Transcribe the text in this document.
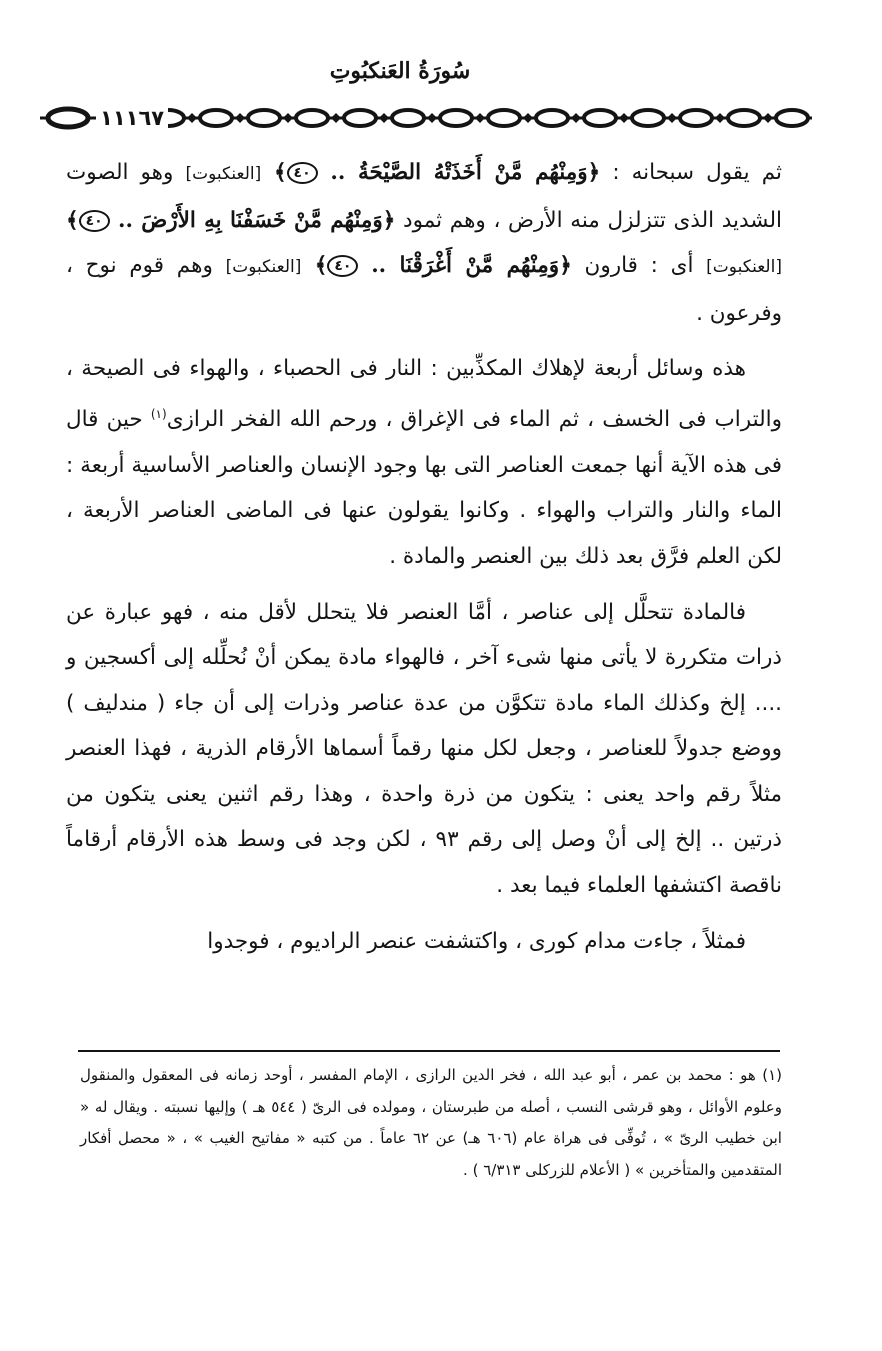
سُورَةُ العَنكبُوتِ
١١١٦٧

ثم يقول سبحانه : ﴿وَمِنْهُم مَّنْ أَخَذَتْهُ الصَّيْحَةُ .. ٤٠﴾ [العنكبوت] وهو الصوت الشديد الذى تتزلزل منه الأرض ، وهم ثمود ﴿وَمِنْهُم مَّنْ خَسَفْنَا بِهِ الأَرْضَ .. ٤٠﴾ [العنكبوت] أى : قارون ﴿وَمِنْهُم مَّنْ أَغْرَقْنَا .. ٤٠﴾ [العنكبوت] وهم قوم نوح ، وفرعون .

هذه وسائل أربعة لإهلاك المكذِّبين : النار فى الحصباء ، والهواء فى الصيحة ، والتراب فى الخسف ، ثم الماء فى الإغراق ، ورحم الله الفخر الرازى$^{(١)}$ حين قال فى هذه الآية أنها جمعت العناصر التى بها وجود الإنسان والعناصر الأساسية أربعة : الماء والنار والتراب والهواء . وكانوا يقولون عنها فى الماضى العناصر الأربعة ، لكن العلم فرَّق بعد ذلك بين العنصر والمادة .

فالمادة تتحلَّل إلى عناصر ، أمَّا العنصر فلا يتحلل لأقل منه ، فهو عبارة عن ذرات متكررة لا يأتى منها شىء آخر ، فالهواء مادة يمكن أنْ نُحلِّله إلى أكسجين و .... إلخ وكذلك الماء مادة تتكوَّن من عدة عناصر وذرات إلى أن جاء ( مندليف ) ووضع جدولاً للعناصر ، وجعل لكل منها رقماً أسماها الأرقام الذرية ، فهذا العنصر مثلاً رقم واحد يعنى : يتكون من ذرة واحدة ، وهذا رقم اثنين يعنى يتكون من ذرتين .. إلخ إلى أنْ وصل إلى رقم ٩٣ ، لكن وجد فى وسط هذه الأرقام أرقاماً ناقصة اكتشفها العلماء فيما بعد .

فمثلاً ، جاءت مدام كورى ، واكتشفت عنصر الراديوم ، فوجدوا

(١) هو : محمد بن عمر ، أبو عبد الله ، فخر الدين الرازى ، الإمام المفسر ، أوحد زمانه فى المعقول والمنقول وعلوم الأوائل ، وهو قرشى النسب ، أصله من طبرستان ، ومولده فى الرىّ ( ٥٤٤ هـ ) وإليها نسبته . ويقال له « ابن خطيب الرىّ » ، تُوفِّى فى هراة عام (٦٠٦ هـ) عن ٦٢ عاماً . من كتبه « مفاتيح الغيب » ، « محصل أفكار المتقدمين والمتأخرين » ( الأعلام للزركلى ٦/٣١٣ ) .
